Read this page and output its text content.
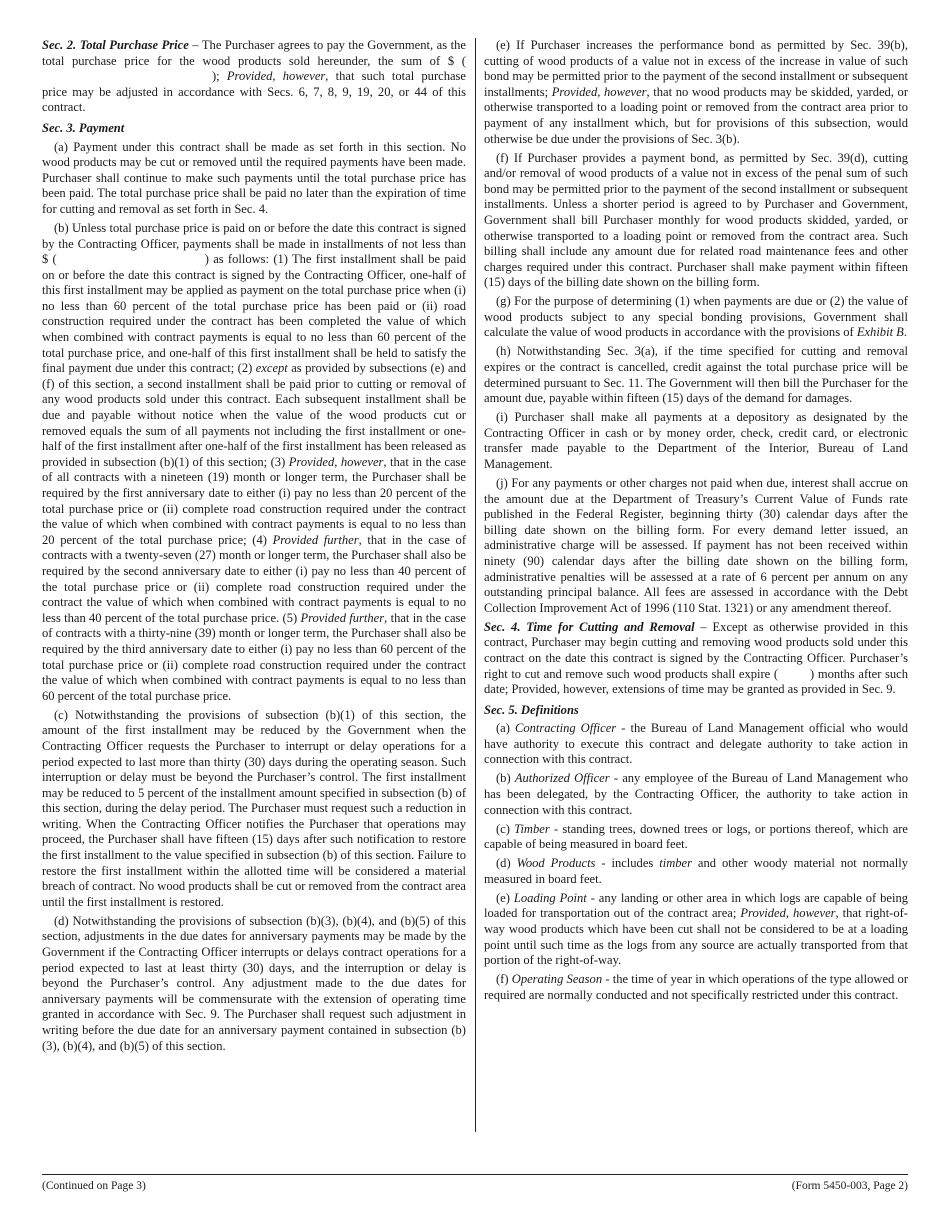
Sec. 2. Total Purchase Price – The Purchaser agrees to pay the Government, as the total purchase price for the wood products sold hereunder, the sum of $ (); Provided, however, that such total purchase price may be adjusted in accordance with Secs. 6, 7, 8, 9, 19, 20, or 44 of this contract.

Sec. 3. Payment

(a) Payment under this contract shall be made as set forth in this section. No wood products may be cut or removed until the required payments have been made. Purchaser shall continue to make such payments until the total purchase price has been paid. The total purchase price shall be paid no later than the expiration of time for cutting and removal as set forth in Sec. 4.

(b) Unless total purchase price is paid on or before the date this contract is signed by the Contracting Officer, payments shall be made in installments of not less than $ (	) as follows: (1) The first installment shall be paid on or before the date this contract is signed by the Contracting Officer, one-half of this first installment may be applied as payment on the total purchase price when (i) no less than 60 percent of the total purchase price has been paid or (ii) road construction required under the contract has been completed the value of which when combined with contract payments is equal to no less than 60 percent of the total purchase price, and one-half of this first installment shall be held to satisfy the final payment due under this contract; (2) except as provided by subsections (e) and (f) of this section, a second installment shall be paid prior to cutting or removal of any wood products sold under this contract. Each subsequent installment shall be due and payable without notice when the value of the wood products cut or removed equals the sum of all payments not including the first installment or one-half of the first installment after one-half of the first installment has been released as provided in subsection (b)(1) of this section; (3) Provided, however, that in the case of all contracts with a nineteen (19) month or longer term, the Purchaser shall be required by the first anniversary date to either (i) pay no less than 20 percent of the total purchase price or (ii) complete road construction required under the contract the value of which when combined with contract payments is equal to no less than 20 percent of the total purchase price; (4) Provided further, that in the case of contracts with a twenty-seven (27) month or longer term, the Purchaser shall also be required by the second anniversary date to either (i) pay no less than 40 percent of the total purchase price or (ii) complete road construction required under the contract the value of which when combined with contract payments is equal to no less than 40 percent of the total purchase price. (5) Provided further, that in the case of contracts with a thirty-nine (39) month or longer term, the Purchaser shall also be required by the third anniversary date to either (i) pay no less than 60 percent of the total purchase price or (ii) complete road construction required under the contract the value of which when combined with contract payments is equal to no less than 60 percent of the total purchase price.

(c) Notwithstanding the provisions of subsection (b)(1) of this section, the amount of the first installment may be reduced by the Government when the Contracting Officer requests the Purchaser to interrupt or delay operations for a period expected to last more than thirty (30) days during the operating season. Such interruption or delay must be beyond the Purchaser’s control. The first installment may be reduced to 5 percent of the installment amount specified in subsection (b) of this section, during the delay period. The Purchaser must request such a reduction in writing. When the Contracting Officer notifies the Purchaser that operations may proceed, the Purchaser shall have fifteen (15) days after such notification to restore the first installment to the value specified in subsection (b) of this section. Failure to restore the first installment within the allotted time will be considered a material breach of contract. No wood products shall be cut or removed from the contract area until the first installment is restored.

(d) Notwithstanding the provisions of subsection (b)(3), (b)(4), and (b)(5) of this section, adjustments in the due dates for anniversary payments may be made by the Government if the Contracting Officer interrupts or delays contract operations for a period expected to last at least thirty (30) days, and the interruption or delay is beyond the Purchaser’s control. Any adjustment made to the due dates for anniversary payments will be commensurate with the extension of operating time granted in accordance with Sec. 9. The Purchaser shall request such adjustment in writing before the due date for an anniversary payment contained in subsection (b)(3), (b)(4), and (b)(5) of this section.

(e) If Purchaser increases the performance bond as permitted by Sec. 39(b), cutting of wood products of a value not in excess of the increase in value of such bond may be permitted prior to the payment of the second installment or subsequent installments; Provided, however, that no wood products may be skidded, yarded, or otherwise transported to a loading point or removed from the contract area prior to payment of any installment which, but for provisions of this subsection, would otherwise be due under the provisions of Sec. 3(b).

(f) If Purchaser provides a payment bond, as permitted by Sec. 39(d), cutting and/or removal of wood products of a value not in excess of the penal sum of such bond may be permitted prior to the payment of the second installment or subsequent installments. Unless a shorter period is agreed to by Purchaser and Government, Government shall bill Purchaser monthly for wood products skidded, yarded, or otherwise transported to a loading point or removed from the contract area. Such billing shall include any amount due for related road maintenance fees and other charges required under this contract. Purchaser shall make payment within fifteen (15) days of the billing date shown on the billing form.

(g) For the purpose of determining (1) when payments are due or (2) the value of wood products subject to any special bonding provisions, Government shall calculate the value of wood products in accordance with the provisions of Exhibit B.

(h) Notwithstanding Sec. 3(a), if the time specified for cutting and removal expires or the contract is cancelled, credit against the total purchase price will be determined pursuant to Sec. 11. The Government will then bill the Purchaser for the amount due, payable within fifteen (15) days of the demand for damages.

(i) Purchaser shall make all payments at a depository as designated by the Contracting Officer in cash or by money order, check, credit card, or electronic transfer made payable to the Department of the Interior, Bureau of Land Management.

(j) For any payments or other charges not paid when due, interest shall accrue on the amount due at the Department of Treasury’s Current Value of Funds rate published in the Federal Register, beginning thirty (30) calendar days after the billing date shown on the billing form. For every demand letter issued, an administrative charge will be assessed. If payment has not been received within ninety (90) calendar days after the billing date shown on the billing form, administrative penalties will be assessed at a rate of 6 percent per annum on any outstanding principal balance. All fees are assessed in accordance with the Debt Collection Improvement Act of 1996 (110 Stat. 1321) or any amendment thereof.

Sec. 4. Time for Cutting and Removal – Except as otherwise provided in this contract, Purchaser may begin cutting and removing wood products sold under this contract on the date this contract is signed by the Contracting Officer. Purchaser’s right to cut and remove such wood products shall expire (	) months after such date; Provided, however, extensions of time may be granted as provided in Sec. 9.

Sec. 5. Definitions

(a) Contracting Officer - the Bureau of Land Management official who would have authority to execute this contract and delegate authority to take action in connection with this contract.

(b) Authorized Officer - any employee of the Bureau of Land Management who has been delegated, by the Contracting Officer, the authority to take action in connection with this contract.

(c) Timber - standing trees, downed trees or logs, or portions thereof, which are capable of being measured in board feet.

(d) Wood Products - includes timber and other woody material not normally measured in board feet.

(e) Loading Point - any landing or other area in which logs are capable of being loaded for transportation out of the contract area; Provided, however, that right-of-way wood products which have been cut shall not be considered to be at a loading point until such time as the logs from any source are actually transported from that portion of the right-of-way.

(f) Operating Season - the time of year in which operations of the type allowed or required are normally conducted and not specifically restricted under this contract.

(Continued on Page 3)	(Form 5450-003, Page 2)
